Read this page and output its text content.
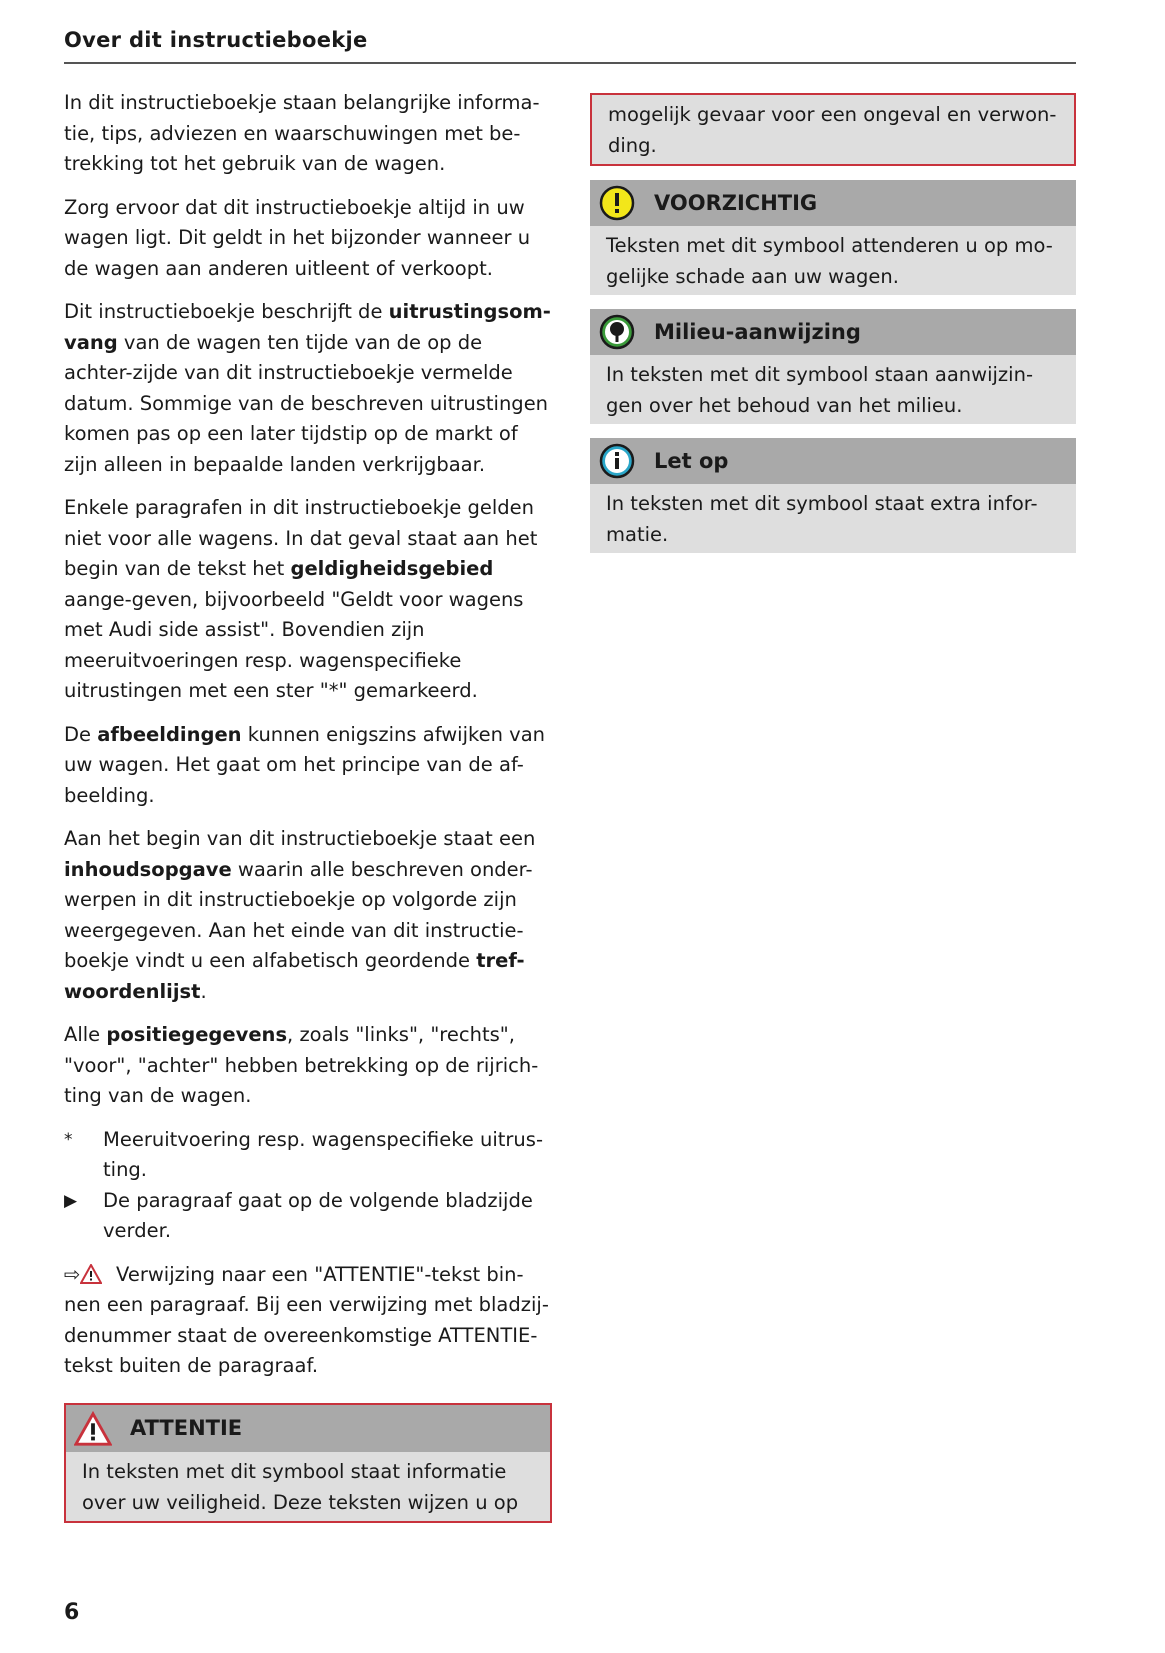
Over dit instructieboekje

In dit instructieboekje staan belangrijke informa-tie, tips, adviezen en waarschuwingen met be-trekking tot het gebruik van de wagen.

Zorg ervoor dat dit instructieboekje altijd in uw wagen ligt. Dit geldt in het bijzonder wanneer u de wagen aan anderen uitleent of verkoopt.

Dit instructieboekje beschrijft de uitrustingsom-vang van de wagen ten tijde van de op de achter-zijde van dit instructieboekje vermelde datum. Sommige van de beschreven uitrustingen komen pas op een later tijdstip op de markt of zijn alleen in bepaalde landen verkrijgbaar.

Enkele paragrafen in dit instructieboekje gelden niet voor alle wagens. In dat geval staat aan het begin van de tekst het geldigheidsgebied aange-geven, bijvoorbeeld "Geldt voor wagens met Audi side assist". Bovendien zijn meeruitvoeringen resp. wagenspecifieke uitrustingen met een ster "*" gemarkeerd.

De afbeeldingen kunnen enigszins afwijken van uw wagen. Het gaat om het principe van de af-beelding.

Aan het begin van dit instructieboekje staat een inhoudsopgave waarin alle beschreven onder-werpen in dit instructieboekje op volgorde zijn weergegeven. Aan het einde van dit instructie-boekje vindt u een alfabetisch geordende tref-woordenlijst.

Alle positiegegevens, zoals "links", "rechts", "voor", "achter" hebben betrekking op de rijrich-ting van de wagen.

*	Meeruitvoering resp. wagenspecifieke uitrus-ting.
▶	De paragraaf gaat op de volgende bladzijde verder.

⇨ Verwijzing naar een "ATTENTIE"-tekst bin-nen een paragraaf. Bij een verwijzing met bladzij-denummer staat de overeenkomstige ATTENTIE-tekst buiten de paragraaf.

ATTENTIE
In teksten met dit symbool staat informatie over uw veiligheid. Deze teksten wijzen u op
mogelijk gevaar voor een ongeval en verwon-ding.
VOORZICHTIG
Teksten met dit symbool attenderen u op mo-gelijke schade aan uw wagen.
Milieu-aanwijzing
In teksten met dit symbool staan aanwijzin-gen over het behoud van het milieu.
Let op
In teksten met dit symbool staat extra infor-matie.
6
